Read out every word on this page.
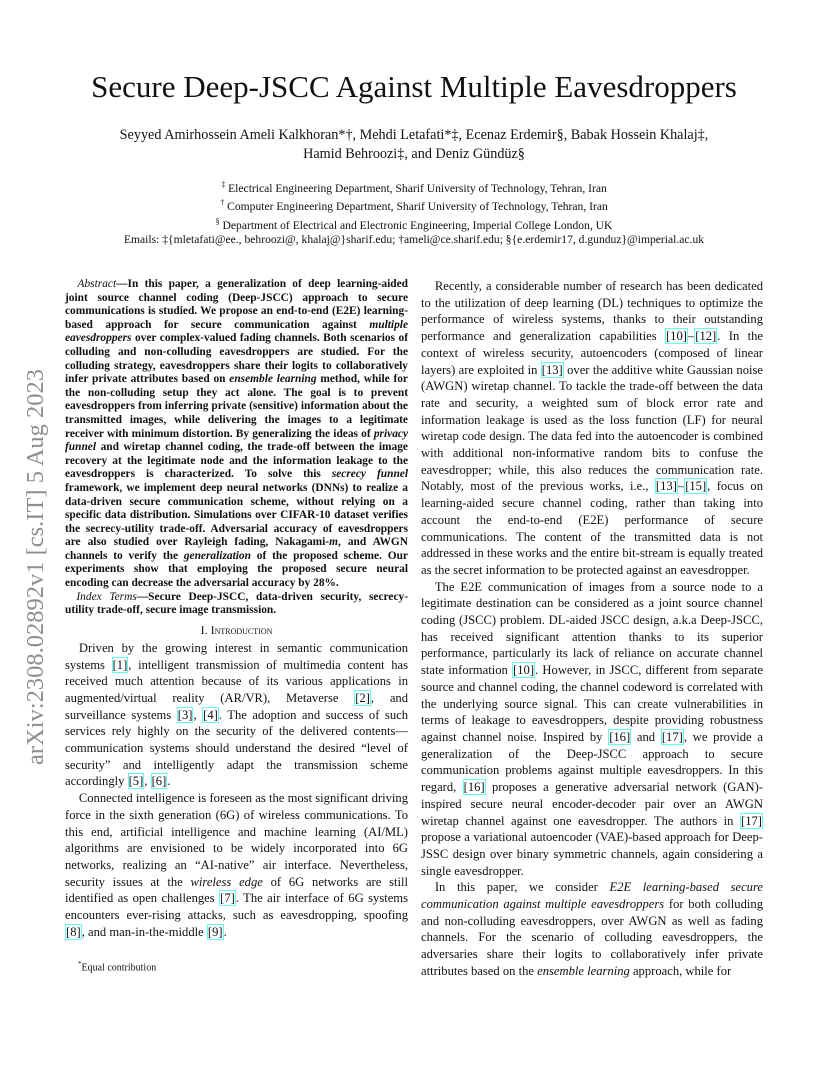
Secure Deep-JSCC Against Multiple Eavesdroppers
Seyyed Amirhossein Ameli Kalkhoran*†, Mehdi Letafati*‡, Ecenaz Erdemir§, Babak Hossein Khalaj‡,
Hamid Behroozi‡, and Deniz Gündüz§
‡ Electrical Engineering Department, Sharif University of Technology, Tehran, Iran
† Computer Engineering Department, Sharif University of Technology, Tehran, Iran
§ Department of Electrical and Electronic Engineering, Imperial College London, UK
Emails: ‡{mletafati@ee., behroozi@, khalaj@}sharif.edu; †ameli@ce.sharif.edu; §{e.erdemir17, d.gunduz}@imperial.ac.uk
arXiv:2308.02892v1 [cs.IT] 5 Aug 2023

Abstract—In this paper, a generalization of deep learning-aided joint source channel coding (Deep-JSCC) approach to secure communications is studied. We propose an end-to-end (E2E) learning-based approach for secure communication against multiple eavesdroppers over complex-valued fading channels. Both scenarios of colluding and non-colluding eavesdroppers are studied. For the colluding strategy, eavesdroppers share their logits to collaboratively infer private attributes based on ensemble learning method, while for the non-colluding setup they act alone. The goal is to prevent eavesdroppers from inferring private (sensitive) information about the transmitted images, while delivering the images to a legitimate receiver with minimum distortion. By generalizing the ideas of privacy funnel and wiretap channel coding, the trade-off between the image recovery at the legitimate node and the information leakage to the eavesdroppers is characterized. To solve this secrecy funnel framework, we implement deep neural networks (DNNs) to realize a data-driven secure communication scheme, without relying on a specific data distribution. Simulations over CIFAR-10 dataset verifies the secrecy-utility trade-off. Adversarial accuracy of eavesdroppers are also studied over Rayleigh fading, Nakagami-m, and AWGN channels to verify the generalization of the proposed scheme. Our experiments show that employing the proposed secure neural encoding can decrease the adversarial accuracy by 28%.

Index Terms—Secure Deep-JSCC, data-driven security, secrecy-utility trade-off, secure image transmission.

I. Introduction

Driven by the growing interest in semantic communication systems [1], intelligent transmission of multimedia content has received much attention because of its various applications in augmented/virtual reality (AR/VR), Metaverse [2], and surveillance systems [3], [4]. The adoption and success of such services rely highly on the security of the delivered contents—communication systems should understand the desired “level of security” and intelligently adapt the transmission scheme accordingly [5], [6].

Connected intelligence is foreseen as the most significant driving force in the sixth generation (6G) of wireless communications. To this end, artificial intelligence and machine learning (AI/ML) algorithms are envisioned to be widely incorporated into 6G networks, realizing an “AI-native” air interface. Nevertheless, security issues at the wireless edge of 6G networks are still identified as open challenges [7]. The air interface of 6G systems encounters ever-rising attacks, such as eavesdropping, spoofing [8], and man-in-the-middle [9].

*Equal contribution

Recently, a considerable number of research has been dedicated to the utilization of deep learning (DL) techniques to optimize the performance of wireless systems, thanks to their outstanding performance and generalization capabilities [10]–[12]. In the context of wireless security, autoencoders (composed of linear layers) are exploited in [13] over the additive white Gaussian noise (AWGN) wiretap channel. To tackle the trade-off between the data rate and security, a weighted sum of block error rate and information leakage is used as the loss function (LF) for neural wiretap code design. The data fed into the autoencoder is combined with additional non-informative random bits to confuse the eavesdropper; while, this also reduces the communication rate. Notably, most of the previous works, i.e., [13]–[15], focus on learning-aided secure channel coding, rather than taking into account the end-to-end (E2E) performance of secure communications. The content of the transmitted data is not addressed in these works and the entire bit-stream is equally treated as the secret information to be protected against an eavesdropper.

The E2E communication of images from a source node to a legitimate destination can be considered as a joint source channel coding (JSCC) problem. DL-aided JSCC design, a.k.a Deep-JSCC, has received significant attention thanks to its superior performance, particularly its lack of reliance on accurate channel state information [10]. However, in JSCC, different from separate source and channel coding, the channel codeword is correlated with the underlying source signal. This can create vulnerabilities in terms of leakage to eavesdroppers, despite providing robustness against channel noise. Inspired by [16] and [17], we provide a generalization of the Deep-JSCC approach to secure communication problems against multiple eavesdroppers. In this regard, [16] proposes a generative adversarial network (GAN)-inspired secure neural encoder-decoder pair over an AWGN wiretap channel against one eavesdropper. The authors in [17] propose a variational autoencoder (VAE)-based approach for Deep-JSSC design over binary symmetric channels, again considering a single eavesdropper.

In this paper, we consider E2E learning-based secure communication against multiple eavesdroppers for both colluding and non-colluding eavesdroppers, over AWGN as well as fading channels. For the scenario of colluding eavesdroppers, the adversaries share their logits to collaboratively infer private attributes based on the ensemble learning approach, while for
